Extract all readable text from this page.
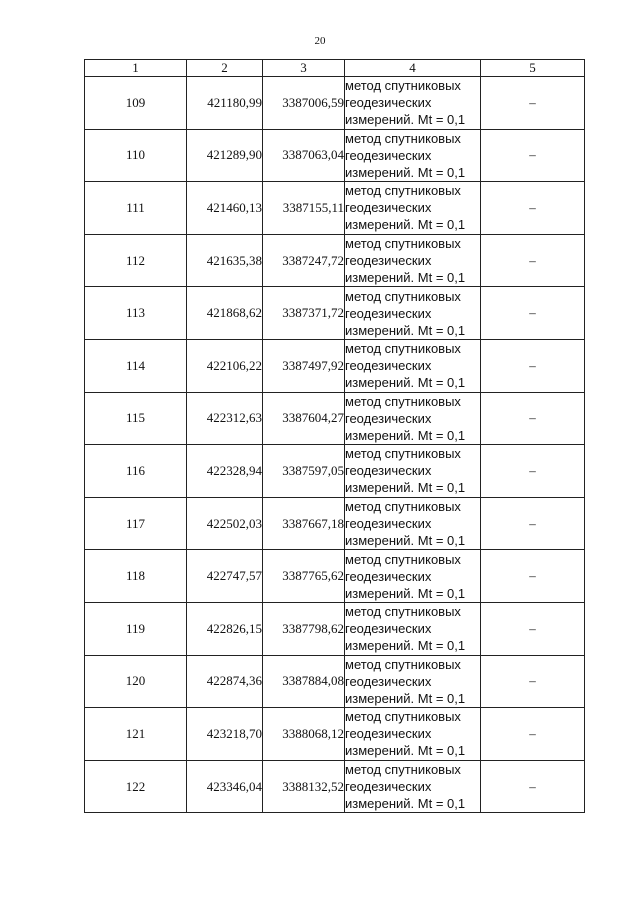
20
1	2	3	4	5
109	421180,99	3387006,59	метод спутниковых
геодезических
измерений. Mt = 0,1	–
110	421289,90	3387063,04	метод спутниковых
геодезических
измерений. Mt = 0,1	–
111	421460,13	3387155,11	метод спутниковых
геодезических
измерений. Mt = 0,1	–
112	421635,38	3387247,72	метод спутниковых
геодезических
измерений. Mt = 0,1	–
113	421868,62	3387371,72	метод спутниковых
геодезических
измерений. Mt = 0,1	–
114	422106,22	3387497,92	метод спутниковых
геодезических
измерений. Mt = 0,1	–
115	422312,63	3387604,27	метод спутниковых
геодезических
измерений. Mt = 0,1	–
116	422328,94	3387597,05	метод спутниковых
геодезических
измерений. Mt = 0,1	–
117	422502,03	3387667,18	метод спутниковых
геодезических
измерений. Mt = 0,1	–
118	422747,57	3387765,62	метод спутниковых
геодезических
измерений. Mt = 0,1	–
119	422826,15	3387798,62	метод спутниковых
геодезических
измерений. Mt = 0,1	–
120	422874,36	3387884,08	метод спутниковых
геодезических
измерений. Mt = 0,1	–
121	423218,70	3388068,12	метод спутниковых
геодезических
измерений. Mt = 0,1	–
122	423346,04	3388132,52	метод спутниковых
геодезических
измерений. Mt = 0,1	–
